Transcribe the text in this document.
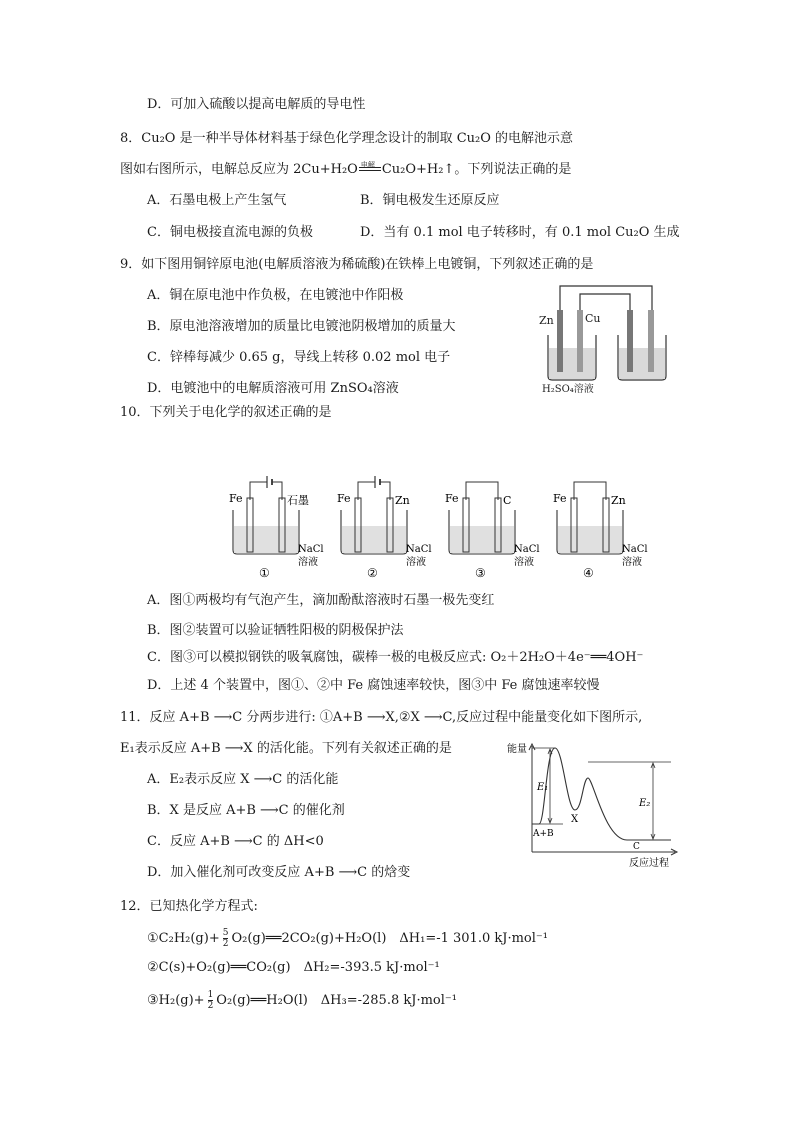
D．可加入硫酸以提高电解质的导电性
8．Cu₂O 是一种半导体材料基于绿色化学理念设计的制取 Cu₂O 的电解池示意
图如右图所示，电解总反应为 2Cu+H₂O 电解 Cu₂O+H₂↑。下列说法正确的是
A．石墨电极上产生氢气	B．铜电极发生还原反应
C．铜电极接直流电源的负极	D．当有 0.1 mol 电子转移时，有 0.1 mol Cu₂O 生成
9．如下图用铜锌原电池(电解质溶液为稀硫酸)在铁棒上电镀铜，下列叙述正确的是
A．铜在原电池中作负极，在电镀池中作阳极
B．原电池溶液增加的质量比电镀池阴极增加的质量大
C．锌棒每减少 0.65 g，导线上转移 0.02 mol 电子
D．电镀池中的电解质溶液可用 ZnSO₄溶液
Zn	Cu
H₂SO₄溶液
10．下列关于电化学的叙述正确的是
Fe	石墨
NaCl
溶液
①
Fe	Zn
NaCl
溶液
②
Fe	C
NaCl
溶液
③
Fe	Zn
NaCl
溶液
④
A．图①两极均有气泡产生，滴加酚酞溶液时石墨一极先变红
B．图②装置可以验证牺牲阳极的阴极保护法
C．图③可以模拟钢铁的吸氧腐蚀，碳棒一极的电极反应式: O₂＋2H₂O＋4e⁻══4OH⁻
D．上述 4 个装置中，图①、②中 Fe 腐蚀速率较快，图③中 Fe 腐蚀速率较慢
11．反应 A+B ⟶C 分两步进行: ①A+B ⟶X,②X ⟶C,反应过程中能量变化如下图所示,
E₁表示反应 A+B ⟶X 的活化能。下列有关叙述正确的是
A．E₂表示反应 X ⟶C 的活化能
B．X 是反应 A+B ⟶C 的催化剂
C．反应 A+B ⟶C 的 ΔH<0
D．加入催化剂可改变反应 A+B ⟶C 的焓变
能量
反应过程
E₁
E₂
X
A+B
C
12．已知热化学方程式:
①C₂H₂(g)+ $\frac{5}{2}$ O₂(g)══2CO₂(g)+H₂O(l)　ΔH₁=-1 301.0 kJ·mol⁻¹
②C(s)+O₂(g)══CO₂(g)　ΔH₂=-393.5 kJ·mol⁻¹
③H₂(g)+ $\frac{1}{2}$ O₂(g)══H₂O(l)　ΔH₃=-285.8 kJ·mol⁻¹
